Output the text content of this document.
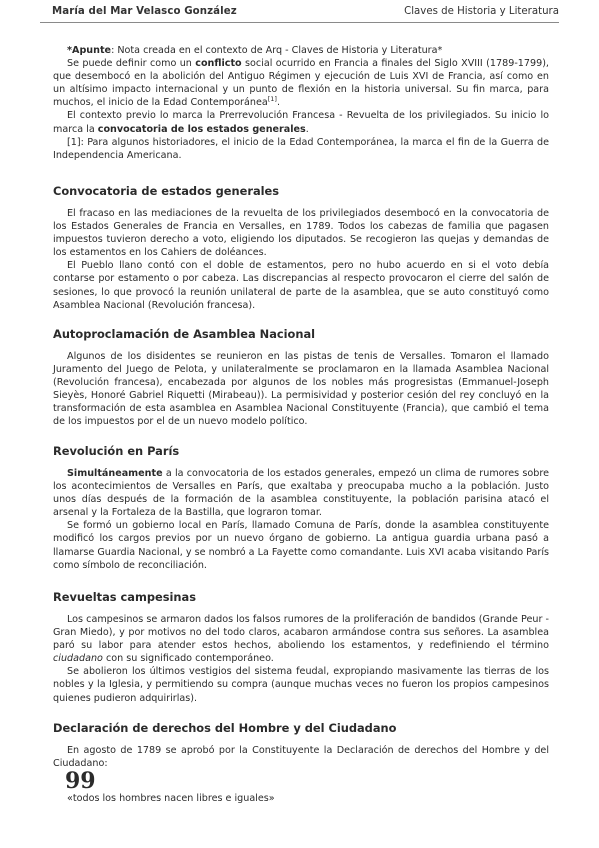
María del Mar Velasco González	Claves de Historia y Literatura

*Apunte: Nota creada en el contexto de Arq - Claves de Historia y Literatura*

Se puede definir como un conflicto social ocurrido en Francia a finales del Siglo XVIII (1789-1799), que desembocó en la abolición del Antiguo Régimen y ejecución de Luis XVI de Francia, así como en un altísimo impacto internacional y un punto de flexión en la historia universal. Su fin marca, para muchos, el inicio de la Edad Contemporánea[1].

El contexto previo lo marca la Prerrevolución Francesa - Revuelta de los privilegiados. Su inicio lo marca la convocatoria de los estados generales.

[1]: Para algunos historiadores, el inicio de la Edad Contemporánea, la marca el fin de la Guerra de Independencia Americana.

Convocatoria de estados generales

El fracaso en las mediaciones de la revuelta de los privilegiados desembocó en la convocatoria de los Estados Generales de Francia en Versalles, en 1789. Todos los cabezas de familia que pagasen impuestos tuvieron derecho a voto, eligiendo los diputados. Se recogieron las quejas y demandas de los estamentos en los Cahiers de doléances.

El Pueblo llano contó con el doble de estamentos, pero no hubo acuerdo en si el voto debía contarse por estamento o por cabeza. Las discrepancias al respecto provocaron el cierre del salón de sesiones, lo que provocó la reunión unilateral de parte de la asamblea, que se auto constituyó como Asamblea Nacional (Revolución francesa).

Autoproclamación de Asamblea Nacional

Algunos de los disidentes se reunieron en las pistas de tenis de Versalles. Tomaron el llamado Juramento del Juego de Pelota, y unilateralmente se proclamaron en la llamada Asamblea Nacional (Revolución francesa), encabezada por algunos de los nobles más progresistas (Emmanuel-Joseph Sieyès, Honoré Gabriel Riquetti (Mirabeau)). La permisividad y posterior cesión del rey concluyó en la transformación de esta asamblea en Asamblea Nacional Constituyente (Francia), que cambió el tema de los impuestos por el de un nuevo modelo político.

Revolución en París

Simultáneamente a la convocatoria de los estados generales, empezó un clima de rumores sobre los acontecimientos de Versalles en París, que exaltaba y preocupaba mucho a la población. Justo unos días después de la formación de la asamblea constituyente, la población parisina atacó el arsenal y la Fortaleza de la Bastilla, que lograron tomar.

Se formó un gobierno local en París, llamado Comuna de París, donde la asamblea constituyente modificó los cargos previos por un nuevo órgano de gobierno. La antigua guardia urbana pasó a llamarse Guardia Nacional, y se nombró a La Fayette como comandante. Luis XVI acaba visitando París como símbolo de reconciliación.

Revueltas campesinas

Los campesinos se armaron dados los falsos rumores de la proliferación de bandidos (Grande Peur - Gran Miedo), y por motivos no del todo claros, acabaron armándose contra sus señores. La asamblea paró su labor para atender estos hechos, aboliendo los estamentos, y redefiniendo el término ciudadano con su significado contemporáneo.

Se abolieron los últimos vestigios del sistema feudal, expropiando masivamente las tierras de los nobles y la Iglesia, y permitiendo su compra (aunque muchas veces no fueron los propios campesinos quienes pudieron adquirirlas).

Declaración de derechos del Hombre y del Ciudadano

En agosto de 1789 se aprobó por la Constituyente la Declaración de derechos del Hombre y del Ciudadano:

99
«todos los hombres nacen libres e iguales»
